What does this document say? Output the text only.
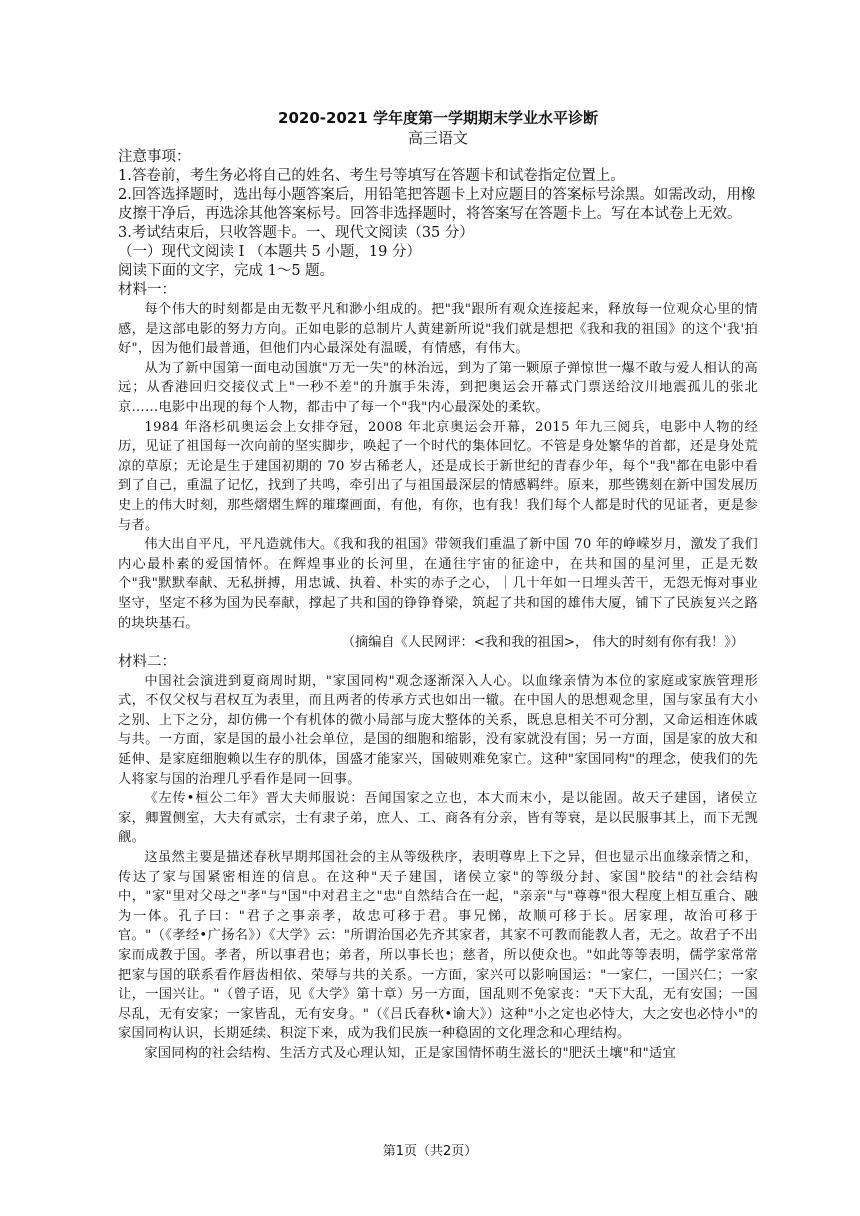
2020-2021 学年度第一学期期末学业水平诊断
高三语文
注意事项：
1.答卷前，考生务必将自己的姓名、考生号等填写在答题卡和试卷指定位置上。
2.回答选择题时，选出每小题答案后，用铅笔把答题卡上对应题目的答案标号涂黑。如需改动，用橡皮擦干净后，再选涂其他答案标号。回答非选择题时，将答案写在答题卡上。写在本试卷上无效。
3.考试结束后，只收答题卡。一、现代文阅读（35 分）
（一）现代文阅读 I （本题共 5 小题，19 分）
阅读下面的文字，完成 1～5 题。
材料一：
每个伟大的时刻都是由无数平凡和渺小组成的。把"我"跟所有观众连接起来，释放每一位观众心里的情感，是这部电影的努力方向。正如电影的总制片人黄建新所说"我们就是想把《我和我的祖国》的这个'我'拍好"，因为他们最普通，但他们内心最深处有温暖，有情感，有伟大。
从为了新中国第一面电动国旗"万无一失"的林治远，到为了第一颗原子弹惊世一爆不敢与爱人相认的高远；从香港回归交接仪式上"一秒不差"的升旗手朱涛，到把奥运会开幕式门票送给汶川地震孤儿的张北京……电影中出现的每个人物，都击中了每一个"我"内心最深处的柔软。
1984 年洛杉矶奥运会上女排夺冠，2008 年北京奥运会开幕，2015 年九三阅兵，电影中人物的经历，见证了祖国每一次向前的坚实脚步，唤起了一个时代的集体回忆。不管是身处繁华的首都，还是身处荒凉的草原；无论是生于建国初期的 70 岁古稀老人，还是成长于新世纪的青春少年，每个"我"都在电影中看到了自己，重温了记忆，找到了共鸣，牵引出了与祖国最深层的情感羁绊。原来，那些镌刻在新中国发展历史上的伟大时刻，那些熠熠生辉的璀璨画面，有他，有你，也有我！我们每个人都是时代的见证者，更是参与者。
伟大出自平凡，平凡造就伟大。《我和我的祖国》带领我们重温了新中国 70 年的峥嵘岁月，激发了我们内心最朴素的爱国情怀。在辉煌事业的长河里，在通往宇宙的征途中，在共和国的星河里，正是无数个"我"默默奉献、无私拼搏，用忠诚、执着、朴实的赤子之心，｜几十年如一日埋头苦干，无怨无悔对事业坚守，坚定不移为国为民奉献，撑起了共和国的铮铮脊梁，筑起了共和国的雄伟大厦，铺下了民族复兴之路的块块基石。
（摘编自《人民网评：<我和我的祖国>， 伟大的时刻有你有我！》）
材料二：
中国社会演进到夏商周时期，"家国同构"观念逐渐深入人心。以血缘亲情为本位的家庭或家族管理形式，不仅父权与君权互为表里，而且两者的传承方式也如出一辙。在中国人的思想观念里，国与家虽有大小之别、上下之分，却仿佛一个有机体的微小局部与庞大整体的关系，既息息相关不可分割，又命运相连休戚与共。一方面，家是国的最小社会单位，是国的细胞和缩影，没有家就没有国；另一方面，国是家的放大和延伸、是家庭细胞赖以生存的肌体，国盛才能家兴，国破则难免家亡。这种"家国同构"的理念，使我们的先人将家与国的治理几乎看作是同一回事。
《左传•桓公二年》晋大夫师服说：吾闻国家之立也，本大而末小，是以能固。故天子建国，诸侯立家，卿置侧室，大夫有贰宗，士有隶子弟，庶人、工、商各有分亲，皆有等衰，是以民服事其上，而下无觊觎。
这虽然主要是描述春秋早期邦国社会的主从等级秩序，表明尊卑上下之异，但也显示出血缘亲情之和，传达了家与国紧密相连的信息。在这种"天子建国，诸侯立家"的等级分封、家国"胶结"的社会结构中，"家"里对父母之"孝"与"国"中对君主之"忠"自然结合在一起，"亲亲"与"尊尊"很大程度上相互重合、融为一体。孔子曰："君子之事亲孝，故忠可移于君。事兄悌，故顺可移于长。居家理，故治可移于官。"（《孝经•广扬名》）《大学》云："所谓治国必先齐其家者，其家不可教而能教人者，无之。故君子不出家而成教于国。孝者，所以事君也；弟者，所以事长也；慈者，所以使众也。"如此等等表明，儒学家常常把家与国的联系看作唇齿相依、荣辱与共的关系。一方面，家兴可以影响国运："一家仁，一国兴仁；一家让，一国兴让。"（曾子语，见《大学》第十章）另一方面，国乱则不免家丧："天下大乱，无有安国；一国尽乱，无有安家；一家皆乱，无有安身。"（《吕氏春秋•谕大》）这种"小之定也必恃大，大之安也必恃小"的家国同构认识，长期延续、积淀下来，成为我们民族一种稳固的文化理念和心理结构。
家国同构的社会结构、生活方式及心理认知，正是家国情怀萌生滋长的"肥沃土壤"和"适宜
第1页（共2页）
